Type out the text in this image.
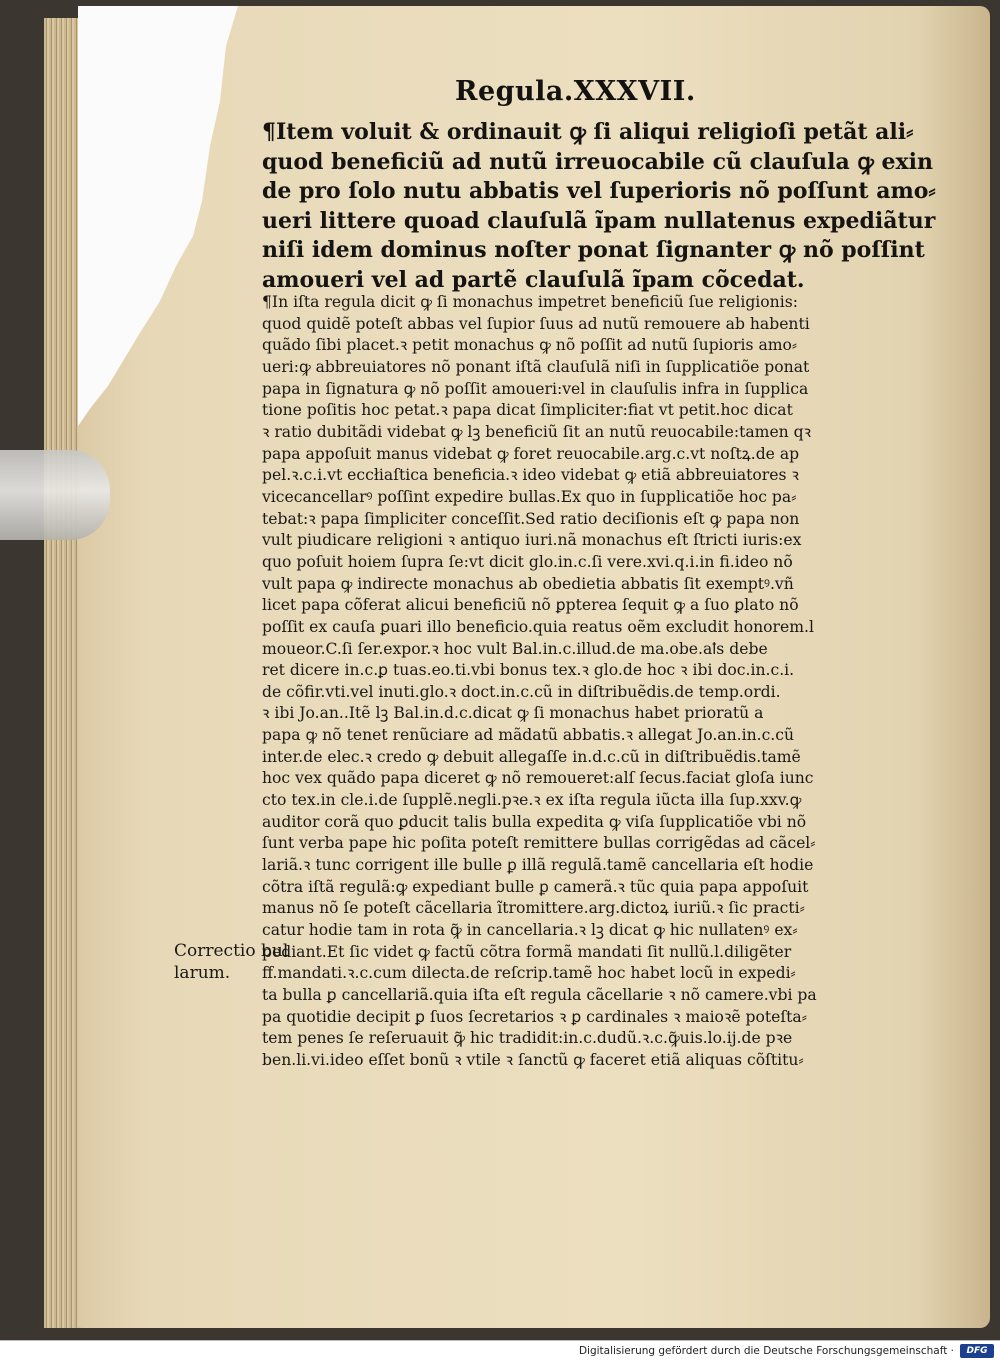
Regula.XXXVII.

¶Item voluit & ordinauit ꝙ ſi aliqui religioſi petãt ali⸗

quod beneficiũ ad nutũ irreuocabile cũ clauſula ꝙ exin

de pro ſolo nutu abbatis vel ſuperioris nõ poſſunt amo⸗

ueri littere quoad clauſulã ĩpam nullatenus expediãtur

niſi idem dominus noſter ponat ſignanter ꝙ nõ poſſint

amoueri vel ad partẽ clauſulã ĩpam cõcedat.

¶In iſta regula dicit ꝙ ſi monachus impetret beneficiũ ſue religionis:

quod quidẽ poteſt abbas vel ſupior ſuus ad nutũ remouere ab habenti

quãdo ſibi placet.ꝛ petit monachus ꝙ nõ poſſit ad nutũ ſupioris amo⸗

ueri:ꝙ abbreuiatores nõ ponant iſtã clauſulã niſi in ſupplicatiõe ponat

papa in ſignatura ꝙ nõ poſſit amoueri:vel in clauſulis infra in ſupplica

tione poſitis hoc petat.ꝛ papa dicat ſimpliciter:fiat vt petit.hoc dicat

ꝛ ratio dubitãdi videbat ꝙ lꝫ beneficiũ ſit an nutũ reuocabile:tamen qꝛ

papa appoſuit manus videbat ꝙ foret reuocabile.arg.c.vt noſtꝝ.de ap

pel.ꝛ.c.i.vt eccłiaſtica beneficia.ꝛ ideo videbat ꝙ etiã abbreuiatores ꝛ

vicecancellarꝰ poſſint expedire bullas.Ex quo in ſupplicatiõe hoc pa⸗

tebat:ꝛ papa ſimpliciter conceſſit.Sed ratio deciſionis eſt ꝙ papa non

vult piudicare religioni ꝛ antiquo iuri.nã monachus eſt ſtricti iuris:ex

quo poſuit hoiem ſupra ſe:vt dicit glo.in.c.ſi vere.xvi.q.i.in fi.ideo nõ

vult papa ꝙ indirecte monachus ab obedietia abbatis ſit exemptꝰ.vñ

licet papa cõferat alicui beneficiũ nõ ꝑpterea ſequit ꝙ a ſuo ꝑlato nõ

poſſit ex cauſa ꝑuari illo beneficio.quia reatus oẽm excludit honorem.l

moueor.C.ſi ſer.expor.ꝛ hoc vult Bal.in.c.illud.de ma.obe.aꝉs debe

ret dicere in.c.ꝑ tuas.eo.ti.vbi bonus tex.ꝛ glo.de hoc ꝛ ibi doc.in.c.i.

de cõfir.vti.vel inuti.glo.ꝛ doct.in.c.cũ in diſtribuẽdis.de temp.ordi.

ꝛ ibi Jo.an..Itẽ lꝫ Bal.in.d.c.dicat ꝙ ſi monachus habet prioratũ a

papa ꝙ nõ tenet renũciare ad mãdatũ abbatis.ꝛ allegat Jo.an.in.c.cũ

inter.de elec.ꝛ credo ꝙ debuit allegaſſe in.d.c.cũ in diſtribuẽdis.tamẽ

hoc vex quãdo papa diceret ꝙ nõ remoueret:alſ ſecus.faciat gloſa iunc

cto tex.in cle.i.de ſupplẽ.negli.pꝛe.ꝛ ex iſta regula iũcta illa ſup.xxv.ꝙ

auditor corã quo ꝑducit talis bulla expedita ꝙ viſa ſupplicatiõe vbi nõ

ſunt verba pape hic poſita poteſt remittere bullas corrigẽdas ad cãcel⸗

lariã.ꝛ tunc corrigent ille bulle ꝑ illã regulã.tamẽ cancellaria eſt hodie

cõtra iſtã regulã:ꝙ expediant bulle ꝑ camerã.ꝛ tũc quia papa appoſuit

manus nõ ſe poteſt cãcellaria ĩtromittere.arg.dictoꝝ iuriũ.ꝛ ſic practi⸗

catur hodie tam in rota ꝙ̃ in cancellaria.ꝛ lꝫ dicat ꝙ hic nullatenꝰ ex⸗

pediant.Et ſic videt ꝙ factũ cõtra formã mandati ſit nullũ.l.diligẽter

ff.mandati.ꝛ.c.cum dilecta.de reſcrip.tamẽ hoc habet locũ in expedi⸗

ta bulla ꝑ cancellariã.quia iſta eſt regula cãcellarie ꝛ nõ camere.vbi pa

pa quotidie decipit ꝑ ſuos ſecretarios ꝛ ꝑ cardinales ꝛ maioꝛẽ poteſta⸗

tem penes ſe reſeruauit ꝙ̃ hic tradidit:in.c.dudũ.ꝛ.c.ꝙ̃uis.lo.ij.de pꝛe

ben.li.vi.ideo eſſet bonũ ꝛ vtile ꝛ ſanctũ ꝙ faceret etiã aliquas cõſtitu⸗

Correctio bul

larum.

Digitalisierung gefördert durch die Deutsche Forschungsgemeinschaft ·	DFG
